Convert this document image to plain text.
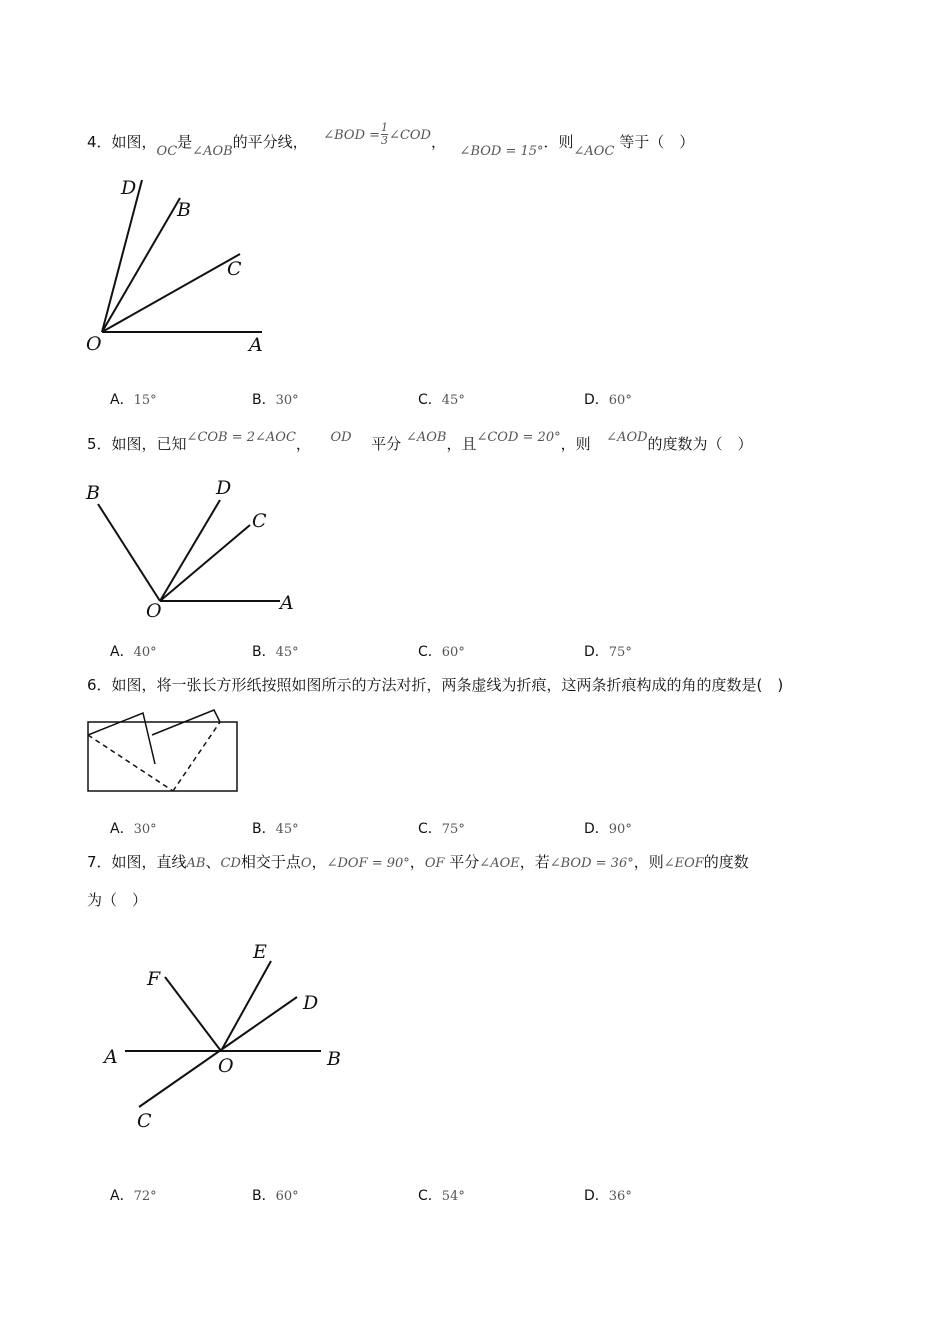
4．如图，OC是∠AOB的平分线， ∠BOD = $\frac{1}{3}$ ∠COD，  ∠BOD = 15°．则∠AOC 等于（　）
D
B
C
O	A
A．15°	B．30°	C．45°	D．60°
5．如图，已知∠COB = 2∠AOC， OD 平分 ∠AOB，且∠COD = 20°，则 ∠AOD的度数为（　）
B	D
C
O	A
A．40°	B．45°	C．60°	D．75°
6．如图，将一张长方形纸按照如图所示的方法对折，两条虚线为折痕，这两条折痕构成的角的度数是(　)
A．30°	B．45°	C．75°	D．90°
7．如图，直线AB、CD相交于点O，∠DOF = 90°，OF 平分∠AOE，若∠BOD = 36°，则∠EOF的度数
为（　）
E
F
D
A	O	B
C
A．72°	B．60°	C．54°	D．36°
